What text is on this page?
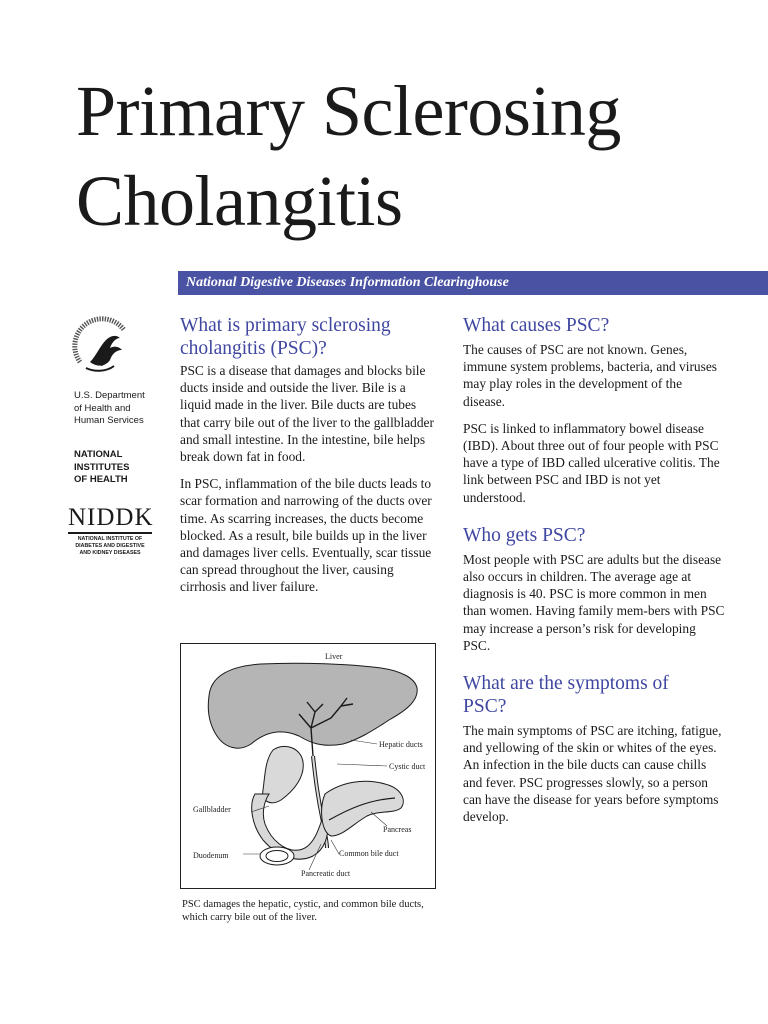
Primary Sclerosing
Cholangitis
National Digestive Diseases Information Clearinghouse
U.S. Department
of Health and
Human Services
NATIONAL
INSTITUTES
OF HEALTH
NIDDK
NATIONAL INSTITUTE OF
DIABETES AND DIGESTIVE
AND KIDNEY DISEASES
What is primary sclerosing cholangitis (PSC)?

PSC is a disease that damages and blocks bile ducts inside and outside the liver. Bile is a liquid made in the liver. Bile ducts are tubes that carry bile out of the liver to the gallbladder and small intestine. In the intestine, bile helps break down fat in food.

In PSC, inflammation of the bile ducts leads to scar formation and narrowing of the ducts over time. As scarring increases, the ducts become blocked. As a result, bile builds up in the liver and damages liver cells. Eventually, scar tissue can spread throughout the liver, causing cirrhosis and liver failure.

Liver
Hepatic ducts
Cystic duct
Gallbladder
Pancreas
Duodenum	Common bile duct
Pancreatic duct

PSC damages the hepatic, cystic, and common bile ducts, which carry bile out of the liver.

What causes PSC?

The causes of PSC are not known. Genes, immune system problems, bacteria, and viruses may play roles in the development of the disease.

PSC is linked to inflammatory bowel disease (IBD). About three out of four people with PSC have a type of IBD called ulcerative colitis. The link between PSC and IBD is not yet understood.

Who gets PSC?

Most people with PSC are adults but the disease also occurs in children. The average age at diagnosis is 40. PSC is more common in men than women. Having family mem-bers with PSC may increase a person’s risk for developing PSC.

What are the symptoms of PSC?

The main symptoms of PSC are itching, fatigue, and yellowing of the skin or whites of the eyes. An infection in the bile ducts can cause chills and fever. PSC progresses slowly, so a person can have the disease for years before symptoms develop.
